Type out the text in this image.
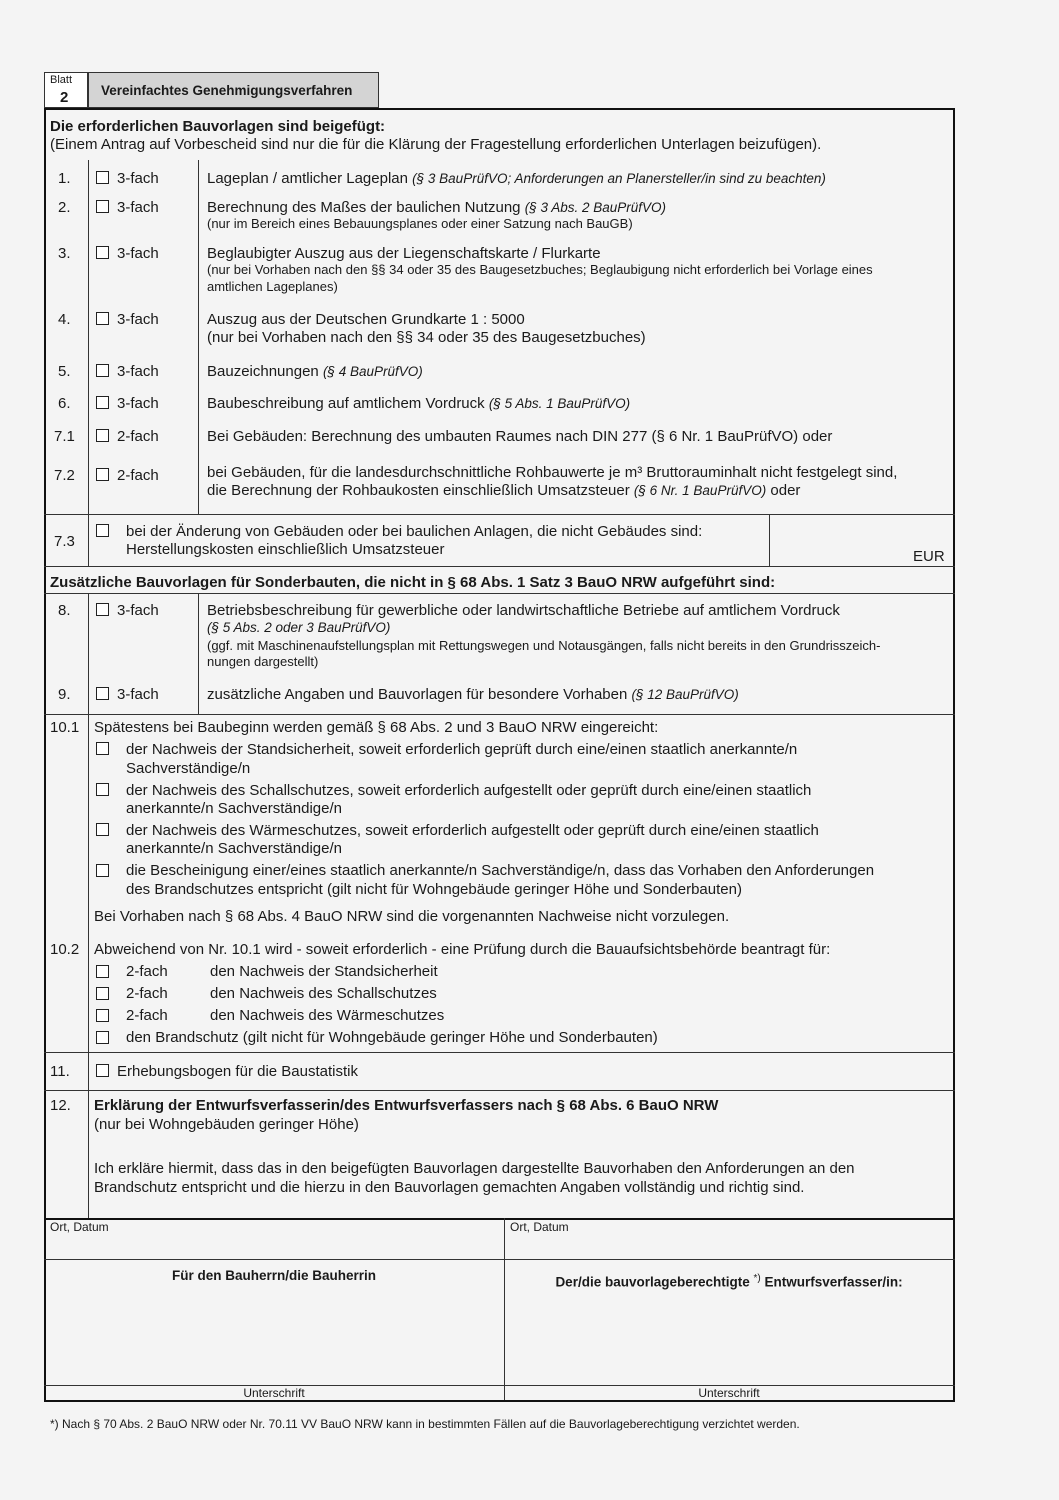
Blatt
2 Vereinfachtes Genehmigungsverfahren
Die erforderlichen Bauvorlagen sind beigefügt:
(Einem Antrag auf Vorbescheid sind nur die für die Klärung der Fragestellung erforderlichen Unterlagen beizufügen).
1.	3-fach	Lageplan / amtlicher Lageplan (§ 3 BauPrüfVO; Anforderungen an Planersteller/in sind zu beachten)
2.	3-fach	Berechnung des Maßes der baulichen Nutzung (§ 3 Abs. 2 BauPrüfVO)
(nur im Bereich eines Bebauungsplanes oder einer Satzung nach BauGB)
3.	3-fach	Beglaubigter Auszug aus der Liegenschaftskarte / Flurkarte
(nur bei Vorhaben nach den §§ 34 oder 35 des Baugesetzbuches; Beglaubigung nicht erforderlich bei Vorlage eines
amtlichen Lageplanes)
4.	3-fach	Auszug aus der Deutschen Grundkarte 1 : 5000
(nur bei Vorhaben nach den §§ 34 oder 35 des Baugesetzbuches)
5.	3-fach	Bauzeichnungen (§ 4 BauPrüfVO)
6.	3-fach	Baubeschreibung auf amtlichem Vordruck (§ 5 Abs. 1 BauPrüfVO)
7.1	2-fach	Bei Gebäuden: Berechnung des umbauten Raumes nach DIN 277 (§ 6 Nr. 1 BauPrüfVO) oder
7.2	2-fach	bei Gebäuden, für die landesdurchschnittliche Rohbauwerte je m³ Bruttorauminhalt nicht festgelegt sind,
die Berechnung der Rohbaukosten einschließlich Umsatzsteuer (§ 6 Nr. 1 BauPrüfVO) oder
7.3
bei der Änderung von Gebäuden oder bei baulichen Anlagen, die nicht Gebäudes sind:
Herstellungskosten einschließlich Umsatzsteuer	EUR
Zusätzliche Bauvorlagen für Sonderbauten, die nicht in § 68 Abs. 1 Satz 3 BauO NRW aufgeführt sind:
8.	3-fach	Betriebsbeschreibung für gewerbliche oder landwirtschaftliche Betriebe auf amtlichem Vordruck
(§ 5 Abs. 2 oder 3 BauPrüfVO)
(ggf. mit Maschinenaufstellungsplan mit Rettungswegen und Notausgängen, falls nicht bereits in den Grundrisszeich-
nungen dargestellt)
9.	3-fach	zusätzliche Angaben und Bauvorlagen für besondere Vorhaben (§ 12 BauPrüfVO)
10.1 Spätestens bei Baubeginn werden gemäß § 68 Abs. 2 und 3 BauO NRW eingereicht:
der Nachweis der Standsicherheit, soweit erforderlich geprüft durch eine/einen staatlich anerkannte/n
Sachverständige/n
der Nachweis des Schallschutzes, soweit erforderlich aufgestellt oder geprüft durch eine/einen staatlich
anerkannte/n Sachverständige/n
der Nachweis des Wärmeschutzes, soweit erforderlich aufgestellt oder geprüft durch eine/einen staatlich
anerkannte/n Sachverständige/n
die Bescheinigung einer/eines staatlich anerkannte/n Sachverständige/n, dass das Vorhaben den Anforderungen
des Brandschutzes entspricht (gilt nicht für Wohngebäude geringer Höhe und Sonderbauten)
Bei Vorhaben nach § 68 Abs. 4 BauO NRW sind die vorgenannten Nachweise nicht vorzulegen.
10.2 Abweichend von Nr. 10.1 wird - soweit erforderlich - eine Prüfung durch die Bauaufsichtsbehörde beantragt für:
2-fach	den Nachweis der Standsicherheit
2-fach	den Nachweis des Schallschutzes
2-fach	den Nachweis des Wärmeschutzes
den Brandschutz (gilt nicht für Wohngebäude geringer Höhe und Sonderbauten)
11.	Erhebungsbogen für die Baustatistik
12. Erklärung der Entwurfsverfasserin/des Entwurfsverfassers nach § 68 Abs. 6 BauO NRW
(nur bei Wohngebäuden geringer Höhe)
Ich erkläre hiermit, dass das in den beigefügten Bauvorlagen dargestellte Bauvorhaben den Anforderungen an den
Brandschutz entspricht und die hierzu in den Bauvorlagen gemachten Angaben vollständig und richtig sind.
Ort, Datum	Ort, Datum
Für den Bauherrn/die Bauherrin	Der/die bauvorlageberechtigte *) Entwurfsverfasser/in:
Unterschrift	Unterschrift
*) Nach § 70 Abs. 2 BauO NRW oder Nr. 70.11 VV BauO NRW kann in bestimmten Fällen auf die Bauvorlageberechtigung verzichtet werden.
